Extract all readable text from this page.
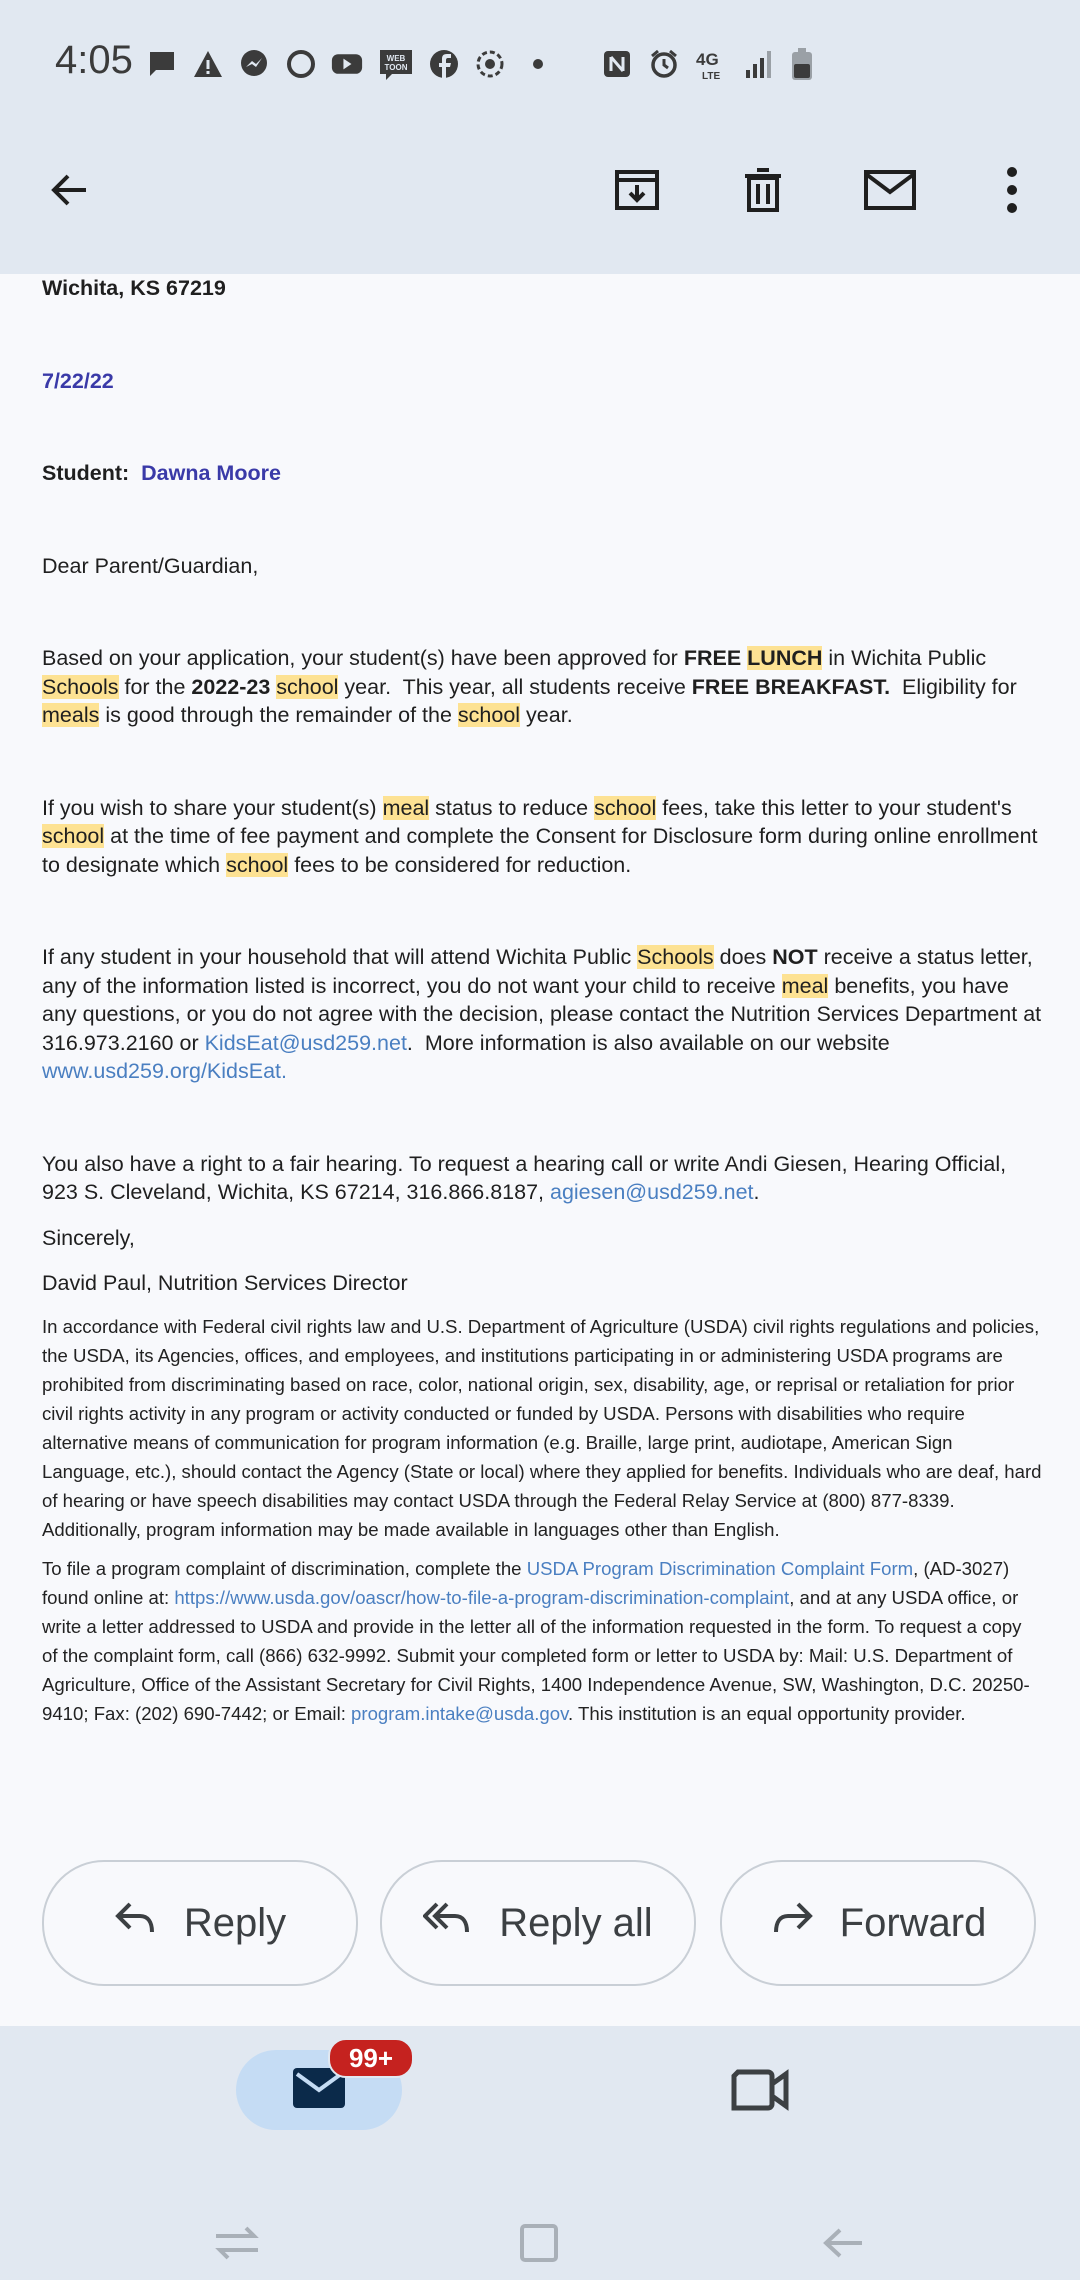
4:05	WEB
TOON	4G
LTE

Wichita, KS 67219

7/22/22

Student: Dawna Moore

Dear Parent/Guardian,

Based on your application, your student(s) have been approved for FREE LUNCH in Wichita Public Schools for the 2022-23 school year.  This year, all students receive FREE BREAKFAST.  Eligibility for meals is good through the remainder of the school year.

If you wish to share your student(s) meal status to reduce school fees, take this letter to your student's school at the time of fee payment and complete the Consent for Disclosure form during online enrollment to designate which school fees to be considered for reduction.

If any student in your household that will attend Wichita Public Schools does NOT receive a status letter, any of the information listed is incorrect, you do not want your child to receive meal benefits, you have any questions, or you do not agree with the decision, please contact the Nutrition Services Department at 316.973.2160 or KidsEat@usd259.net.  More information is also available on our website www.usd259.org/KidsEat.

You also have a right to a fair hearing. To request a hearing call or write Andi Giesen, Hearing Official, 923 S. Cleveland, Wichita, KS 67214, 316.866.8187, agiesen@usd259.net.

Sincerely,

David Paul, Nutrition Services Director

In accordance with Federal civil rights law and U.S. Department of Agriculture (USDA) civil rights regulations and policies, the USDA, its Agencies, offices, and employees, and institutions participating in or administering USDA programs are prohibited from discriminating based on race, color, national origin, sex, disability, age, or reprisal or retaliation for prior civil rights activity in any program or activity conducted or funded by USDA. Persons with disabilities who require alternative means of communication for program information (e.g. Braille, large print, audiotape, American Sign Language, etc.), should contact the Agency (State or local) where they applied for benefits. Individuals who are deaf, hard of hearing or have speech disabilities may contact USDA through the Federal Relay Service at (800) 877-8339. Additionally, program information may be made available in languages other than English.

To file a program complaint of discrimination, complete the USDA Program Discrimination Complaint Form, (AD-3027) found online at: https://www.usda.gov/oascr/how-to-file-a-program-discrimination-complaint, and at any USDA office, or write a letter addressed to USDA and provide in the letter all of the information requested in the form. To request a copy of the complaint form, call (866) 632-9992. Submit your completed form or letter to USDA by: Mail: U.S. Department of Agriculture, Office of the Assistant Secretary for Civil Rights, 1400 Independence Avenue, SW, Washington, D.C. 20250-9410; Fax: (202) 690-7442; or Email: program.intake@usda.gov. This institution is an equal opportunity provider.

Reply	Reply all	Forward
99+
